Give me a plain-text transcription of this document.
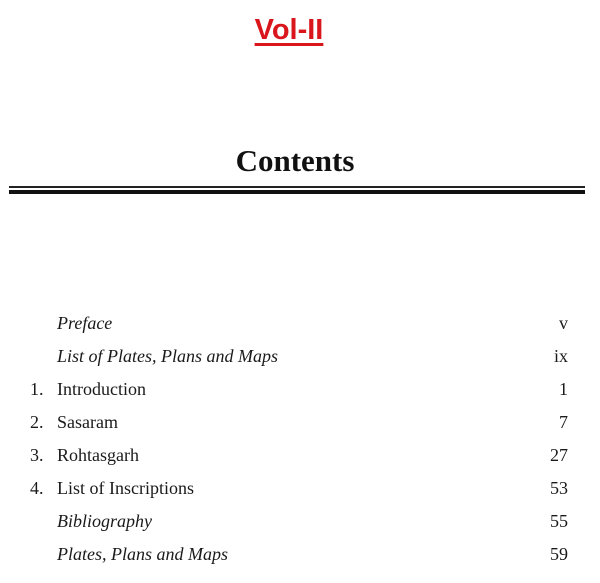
Vol-II
Contents
Preface	v
List of Plates, Plans and Maps	ix
1. Introduction	1
2. Sasaram	7
3. Rohtasgarh	27
4. List of Inscriptions	53
Bibliography	55
Plates, Plans and Maps	59
